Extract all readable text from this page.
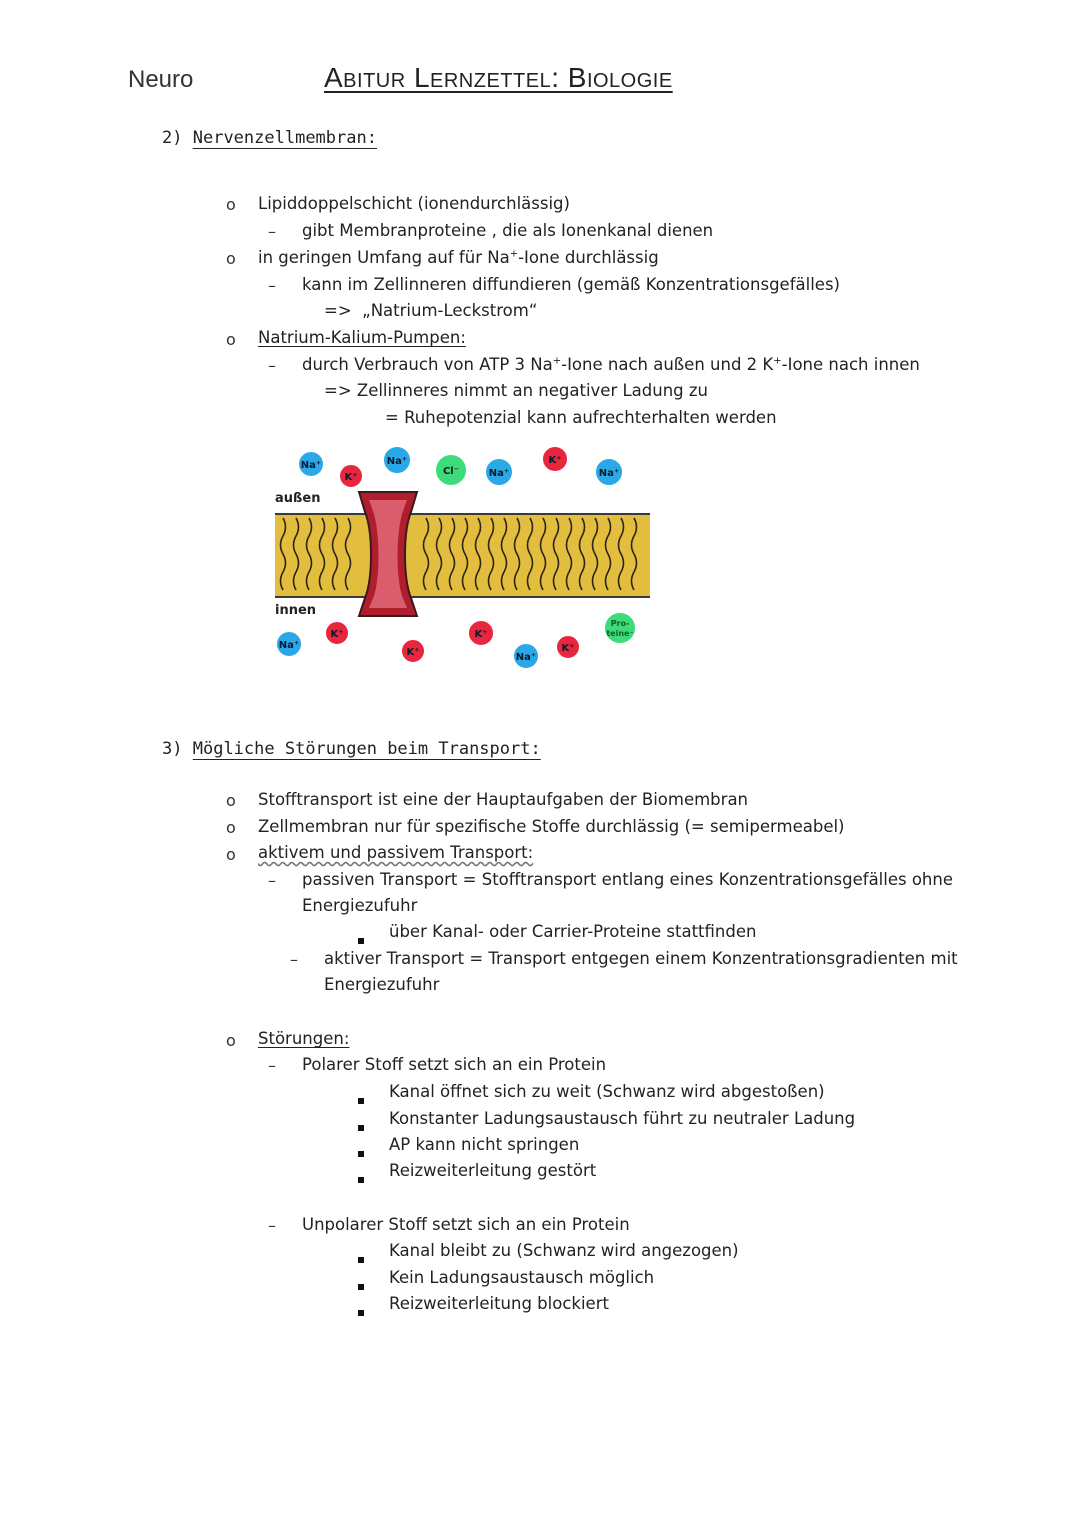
Neuro	Abitur Lernzettel: Biologie
2) Nervenzellmembran:
o Lipiddoppelschicht (ionendurchlässig)
– gibt Membranproteine , die als Ionenkanal dienen
o in geringen Umfang auf für Na+-Ione durchlässig
– kann im Zellinneren diffundieren (gemäß Konzentrationsgefälles)
=> „Natrium-Leckstrom“
o Natrium-Kalium-Pumpen:
– durch Verbrauch von ATP 3 Na+-Ione nach außen und 2 K+-Ione nach innen
=> Zellinneres nimmt an negativer Ladung zu
= Ruhepotenzial kann aufrechterhalten werden
außen
innen
Na⁺
K⁺
Na⁺
Cl⁻	Na⁺
K⁺
Na⁺
Na⁺
K⁺
K⁺
K⁺
Na⁺
K⁺
Pro-
teine⁻
3) Mögliche Störungen beim Transport:
o Stofftransport ist eine der Hauptaufgaben der Biomembran
o Zellmembran nur für spezifische Stoffe durchlässig (= semipermeabel)
o aktivem und passivem Transport:
– passiven Transport = Stofftransport entlang eines Konzentrationsgefälles ohne
Energiezufuhr
über Kanal- oder Carrier-Proteine stattfinden
– aktiver Transport = Transport entgegen einem Konzentrationsgradienten mit
Energiezufuhr
o Störungen:
– Polarer Stoff setzt sich an ein Protein
Kanal öffnet sich zu weit (Schwanz wird abgestoßen)
Konstanter Ladungsaustausch führt zu neutraler Ladung
AP kann nicht springen
Reizweiterleitung gestört
– Unpolarer Stoff setzt sich an ein Protein
Kanal bleibt zu (Schwanz wird angezogen)
Kein Ladungsaustausch möglich
Reizweiterleitung blockiert
